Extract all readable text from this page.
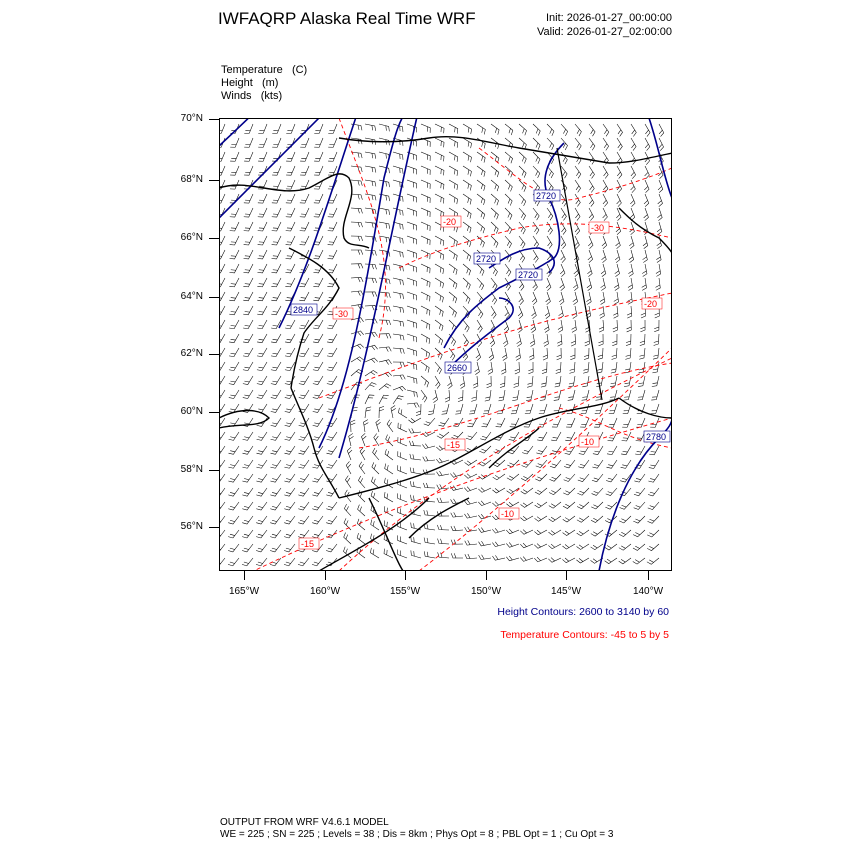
IWFAQRP Alaska Real Time WRF	Init: 2026-01-27_00:00:00
Valid: 2026-01-27_02:00:00
Temperature (C)
Height (m)
Winds (kts)
70°N
68°N
66°N
64°N
62°N
60°N
58°N
56°N
165°W	160°W	155°W	150°W	145°W	140°W
2720
2720
2720
2840
2660
2780
-20
-30
-20
-30
-10
-15
-10
-15
Height Contours: 2600 to 3140 by 60
Temperature Contours: -45 to 5 by 5
OUTPUT FROM WRF V4.6.1 MODEL
WE = 225 ; SN = 225 ; Levels = 38 ; Dis = 8km ; Phys Opt = 8 ; PBL Opt = 1 ; Cu Opt = 3
